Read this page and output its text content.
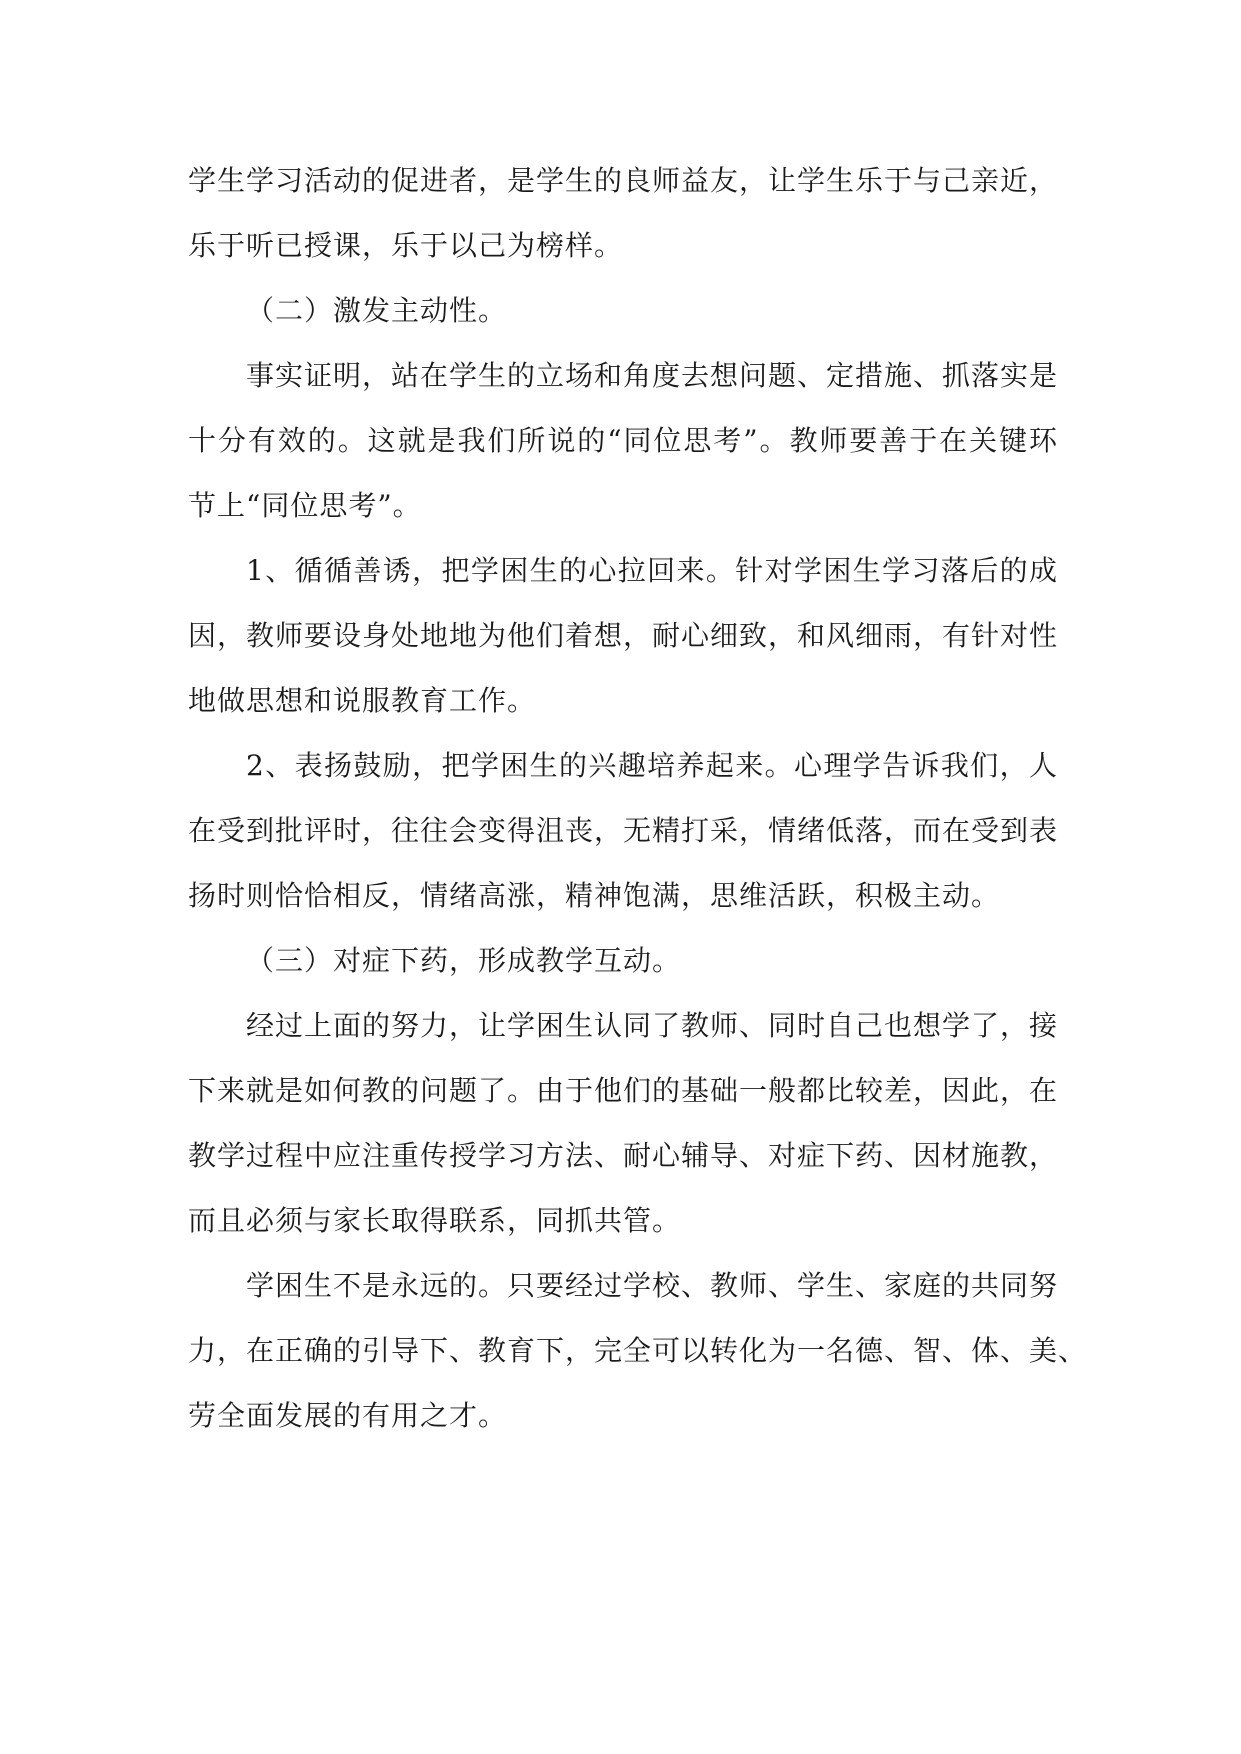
学生学习活动的促进者，是学生的良师益友，让学生乐于与己亲近，
乐于听已授课，乐于以己为榜样。
（二）激发主动性。
事实证明，站在学生的立场和角度去想问题、定措施、抓落实是
十分有效的。这就是我们所说的“同位思考”。教师要善于在关键环
节上“同位思考”。
1、循循善诱，把学困生的心拉回来。针对学困生学习落后的成
因，教师要设身处地地为他们着想，耐心细致，和风细雨，有针对性
地做思想和说服教育工作。
2、表扬鼓励，把学困生的兴趣培养起来。心理学告诉我们，人
在受到批评时，往往会变得沮丧，无精打采，情绪低落，而在受到表
扬时则恰恰相反，情绪高涨，精神饱满，思维活跃，积极主动。
（三）对症下药，形成教学互动。
经过上面的努力，让学困生认同了教师、同时自己也想学了，接
下来就是如何教的问题了。由于他们的基础一般都比较差，因此，在
教学过程中应注重传授学习方法、耐心辅导、对症下药、因材施教，
而且必须与家长取得联系，同抓共管。
学困生不是永远的。只要经过学校、教师、学生、家庭的共同努
力，在正确的引导下、教育下，完全可以转化为一名德、智、体、美、
劳全面发展的有用之才。
